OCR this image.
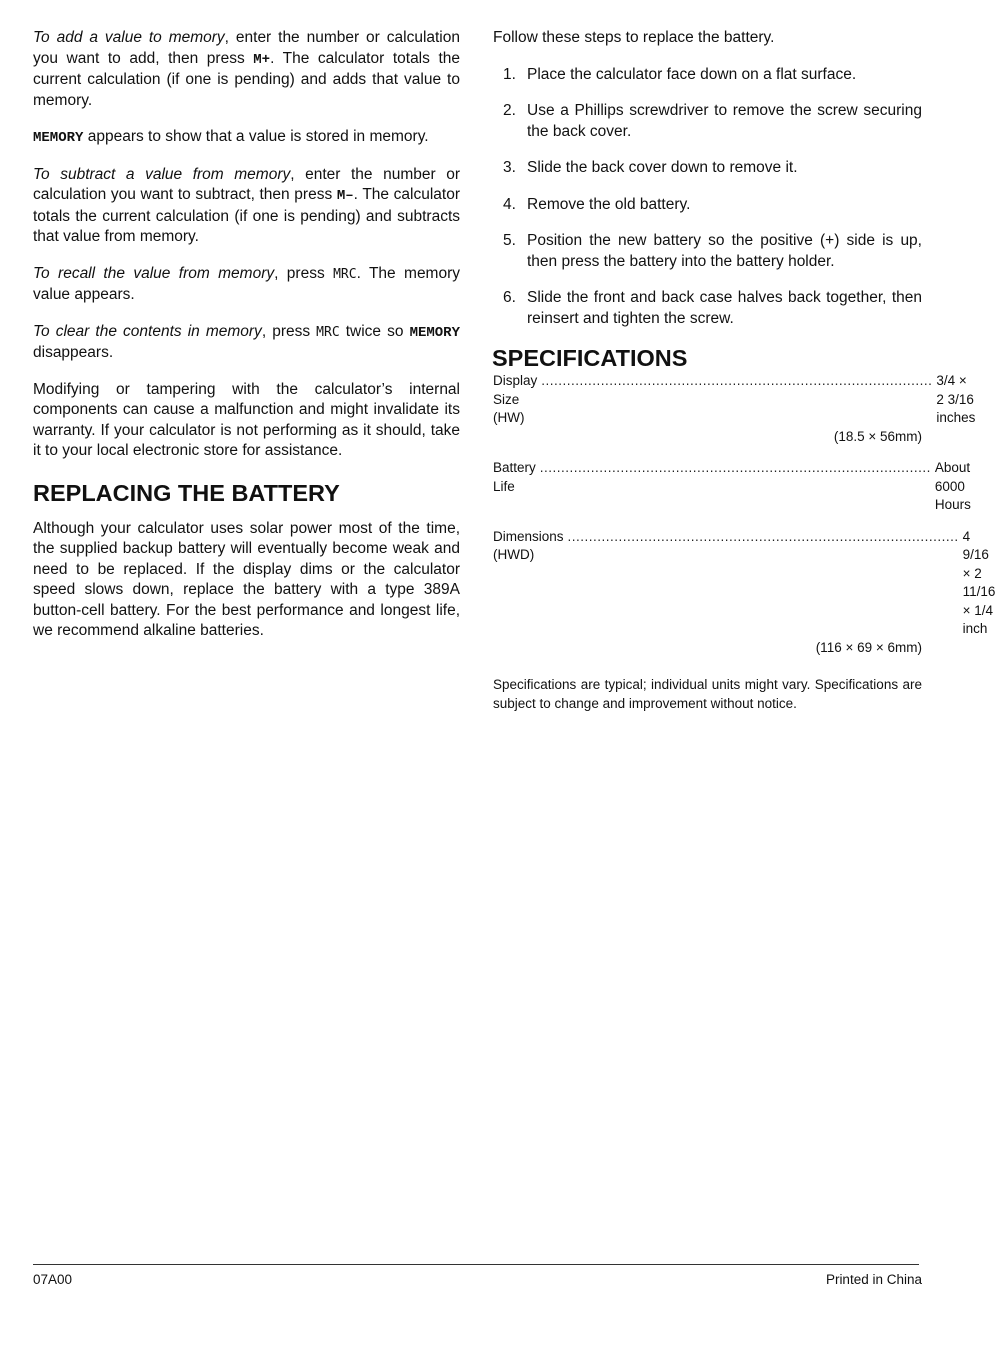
To add a value to memory, enter the number or calculation you want to add, then press M+. The calculator totals the current calculation (if one is pending) and adds that value to memory.

MEMORY appears to show that a value is stored in memory.

To subtract a value from memory, enter the number or calculation you want to subtract, then press M–. The calculator totals the current calculation (if one is pending) and subtracts that value from memory.

To recall the value from memory, press MRC. The memory value appears.

To clear the contents in memory, press MRC twice so MEMORY disappears.

Modifying or tampering with the calculator’s internal components can cause a malfunction and might invalidate its warranty. If your calculator is not performing as it should, take it to your local electronic store for assistance.

REPLACING THE BATTERY

Although your calculator uses solar power most of the time, the supplied backup battery will eventually become weak and need to be replaced. If the display dims or the calculator speed slows down, replace the battery with a type 389A button-cell battery. For the best performance and longest life, we recommend alkaline batteries.

Follow these steps to replace the battery.

1. Place the calculator face down on a flat surface.
2. Use a Phillips screwdriver to remove the screw securing the back cover.
3. Slide the back cover down to remove it.
4. Remove the old battery.
5. Position the new battery so the positive (+) side is up, then press the battery into the battery holder.
6. Slide the front and back case halves back together, then reinsert and tighten the screw.
SPECIFICATIONS
Display Size (HW)
............................................................................................ 3/4 × 2 3/16 inches
(18.5 × 56mm)
Battery Life
............................................................................................ About 6000 Hours
Dimensions (HWD)
............................................................................................ 4 9/16 × 2 11/16 × 1/4 inch
(116 × 69 × 6mm)

Specifications are typical; individual units might vary. Specifications are subject to change and improvement without notice.

07A00	Printed in China
